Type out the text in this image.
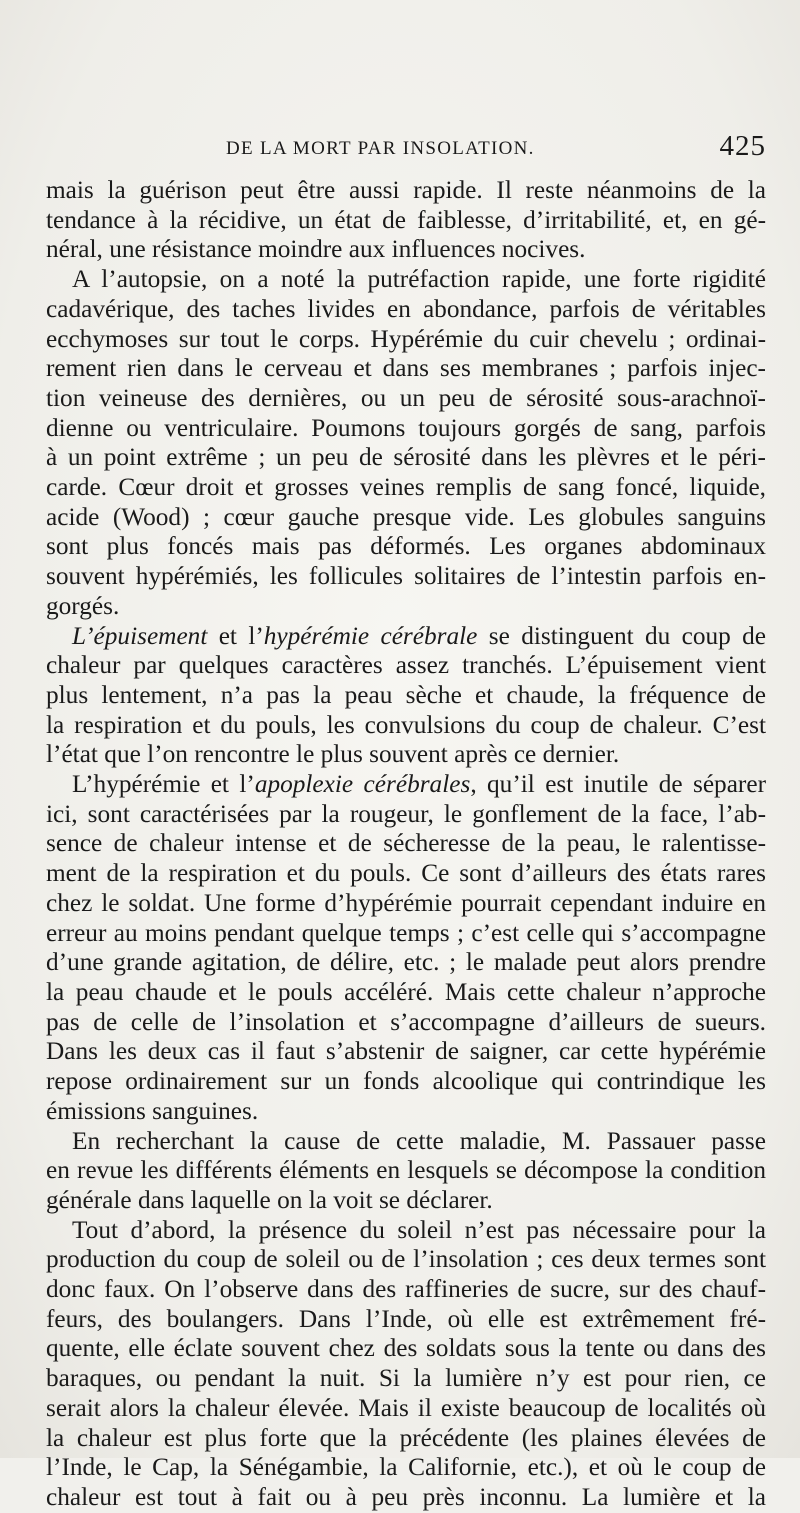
DE LA MORT PAR INSOLATION.	425

mais la guérison peut être aussi rapide. Il reste néanmoins de la

tendance à la récidive, un état de faiblesse, d’irritabilité, et, en gé-

néral, une résistance moindre aux influences nocives.

A l’autopsie, on a noté la putréfaction rapide, une forte rigidité

cadavérique, des taches livides en abondance, parfois de véritables

ecchymoses sur tout le corps. Hypérémie du cuir chevelu ; ordinai-

rement rien dans le cerveau et dans ses membranes ; parfois injec-

tion veineuse des dernières, ou un peu de sérosité sous-arachnoï-

dienne ou ventriculaire. Poumons toujours gorgés de sang, parfois

à un point extrême ; un peu de sérosité dans les plèvres et le péri-

carde. Cœur droit et grosses veines remplis de sang foncé, liquide,

acide (Wood) ; cœur gauche presque vide. Les globules sanguins

sont plus foncés mais pas déformés. Les organes abdominaux

souvent hypérémiés, les follicules solitaires de l’intestin parfois en-

gorgés.

L’épuisement et l’hypérémie cérébrale se distinguent du coup de

chaleur par quelques caractères assez tranchés. L’épuisement vient

plus lentement, n’a pas la peau sèche et chaude, la fréquence de

la respiration et du pouls, les convulsions du coup de chaleur. C’est

l’état que l’on rencontre le plus souvent après ce dernier.

L’hypérémie et l’apoplexie cérébrales, qu’il est inutile de séparer

ici, sont caractérisées par la rougeur, le gonflement de la face, l’ab-

sence de chaleur intense et de sécheresse de la peau, le ralentisse-

ment de la respiration et du pouls. Ce sont d’ailleurs des états rares

chez le soldat. Une forme d’hypérémie pourrait cependant induire en

erreur au moins pendant quelque temps ; c’est celle qui s’accompagne

d’une grande agitation, de délire, etc. ; le malade peut alors prendre

la peau chaude et le pouls accéléré. Mais cette chaleur n’approche

pas de celle de l’insolation et s’accompagne d’ailleurs de sueurs.

Dans les deux cas il faut s’abstenir de saigner, car cette hypérémie

repose ordinairement sur un fonds alcoolique qui contrindique les

émissions sanguines.

En recherchant la cause de cette maladie, M. Passauer passe

en revue les différents éléments en lesquels se décompose la condition

générale dans laquelle on la voit se déclarer.

Tout d’abord, la présence du soleil n’est pas nécessaire pour la

production du coup de soleil ou de l’insolation ; ces deux termes sont

donc faux. On l’observe dans des raffineries de sucre, sur des chauf-

feurs, des boulangers. Dans l’Inde, où elle est extrêmement fré-

quente, elle éclate souvent chez des soldats sous la tente ou dans des

baraques, ou pendant la nuit. Si la lumière n’y est pour rien, ce

serait alors la chaleur élevée. Mais il existe beaucoup de localités où

la chaleur est plus forte que la précédente (les plaines élevées de

l’Inde, le Cap, la Sénégambie, la Californie, etc.), et où le coup de

chaleur est tout à fait ou à peu près inconnu. La lumière et la
